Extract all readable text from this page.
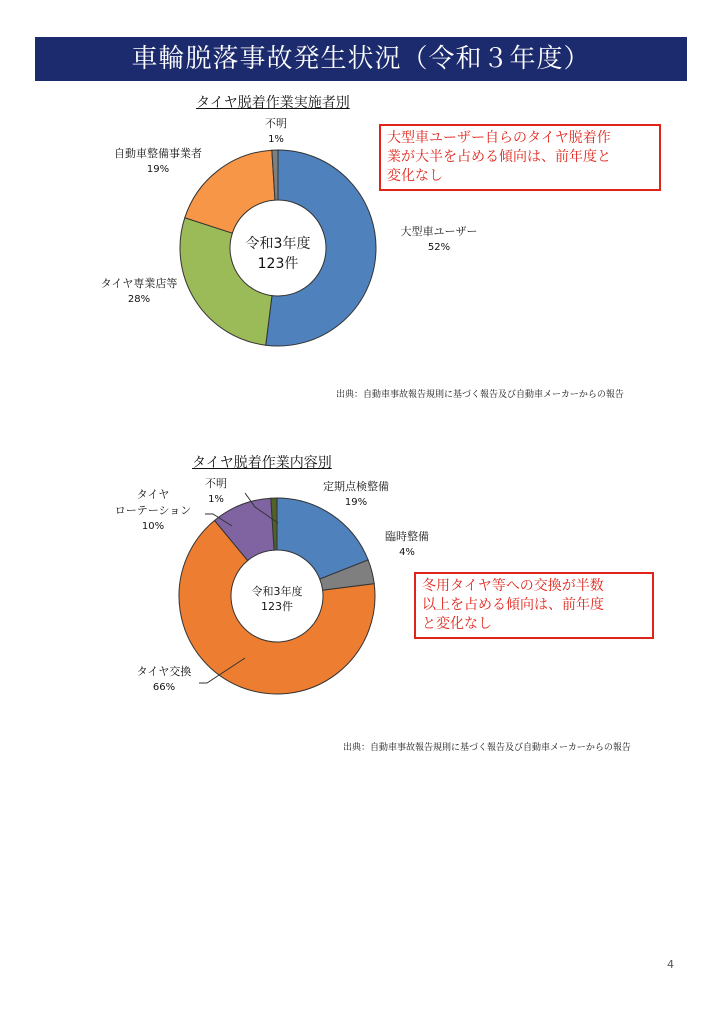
車輪脱落事故発生状況（令和３年度）
タイヤ脱着作業実施者別
令和3年度
123件
不明
1%
自動車整備事業者
19%
大型車ユーザー
52%
タイヤ専業店等
28%
大型車ユーザー自らのタイヤ脱着作
業が大半を占める傾向は、前年度と
変化なし
出典：自動車事故報告規則に基づく報告及び自動車メーカーからの報告
タイヤ脱着作業内容別
令和3年度
123件
不明
1%
タイヤ
ローテーション
10%
定期点検整備
19%
臨時整備
4%
タイヤ交換
66%
冬用タイヤ等への交換が半数
以上を占める傾向は、前年度
と変化なし
出典：自動車事故報告規則に基づく報告及び自動車メーカーからの報告
4
